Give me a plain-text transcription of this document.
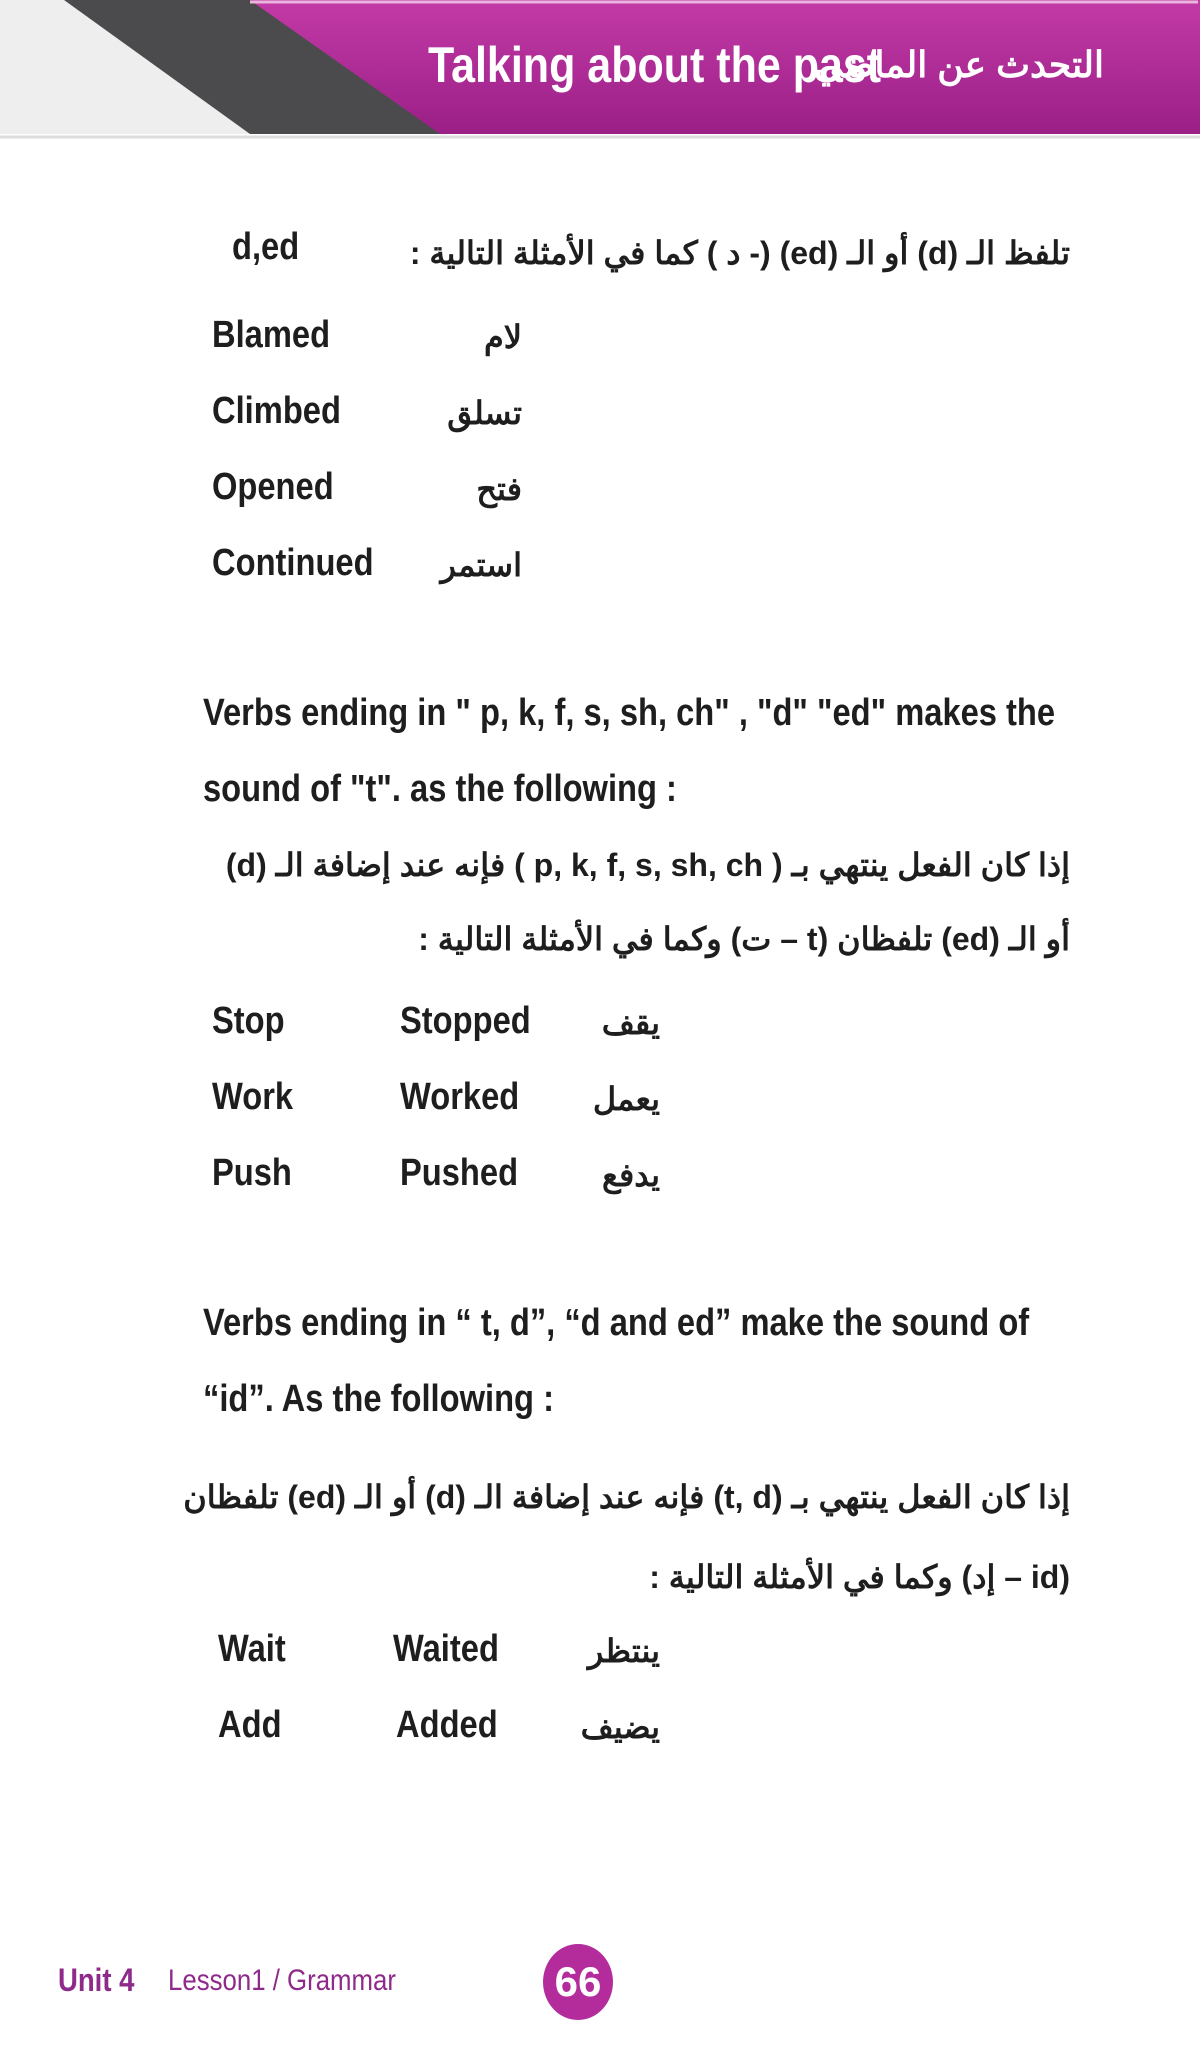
Talking about the past
التحدث عن الماضي
d,ed	تلفظ الـ (d) أو الـ (ed) (- د ) كما في الأمثلة التالية :
Blamed	لام
Climbed	تسلق
Opened	فتح
Continued استمر
Verbs ending in " p, k, f, s, sh, ch" , "d" "ed" makes the
sound of "t". as the following :
إذا كان الفعل ينتهي بـ ( p, k, f, s, sh, ch ) فإنه عند إضافة الـ (d)
أو الـ (ed) تلفظان (t – ت) وكما في الأمثلة التالية :
Stop	Stopped يقف
Work	Worked يعمل
Push	Pushed	يدفع
Verbs ending in “ t, d”, “d and ed” make the sound of
“id”. As the following :
إذا كان الفعل ينتهي بـ (t, d) فإنه عند إضافة الـ (d) أو الـ (ed) تلفظان
(id – إد) وكما في الأمثلة التالية :
Wait	Waited	ينتظر
Add	Added	يضيف
Unit 4 Lesson1 / Grammar	66
